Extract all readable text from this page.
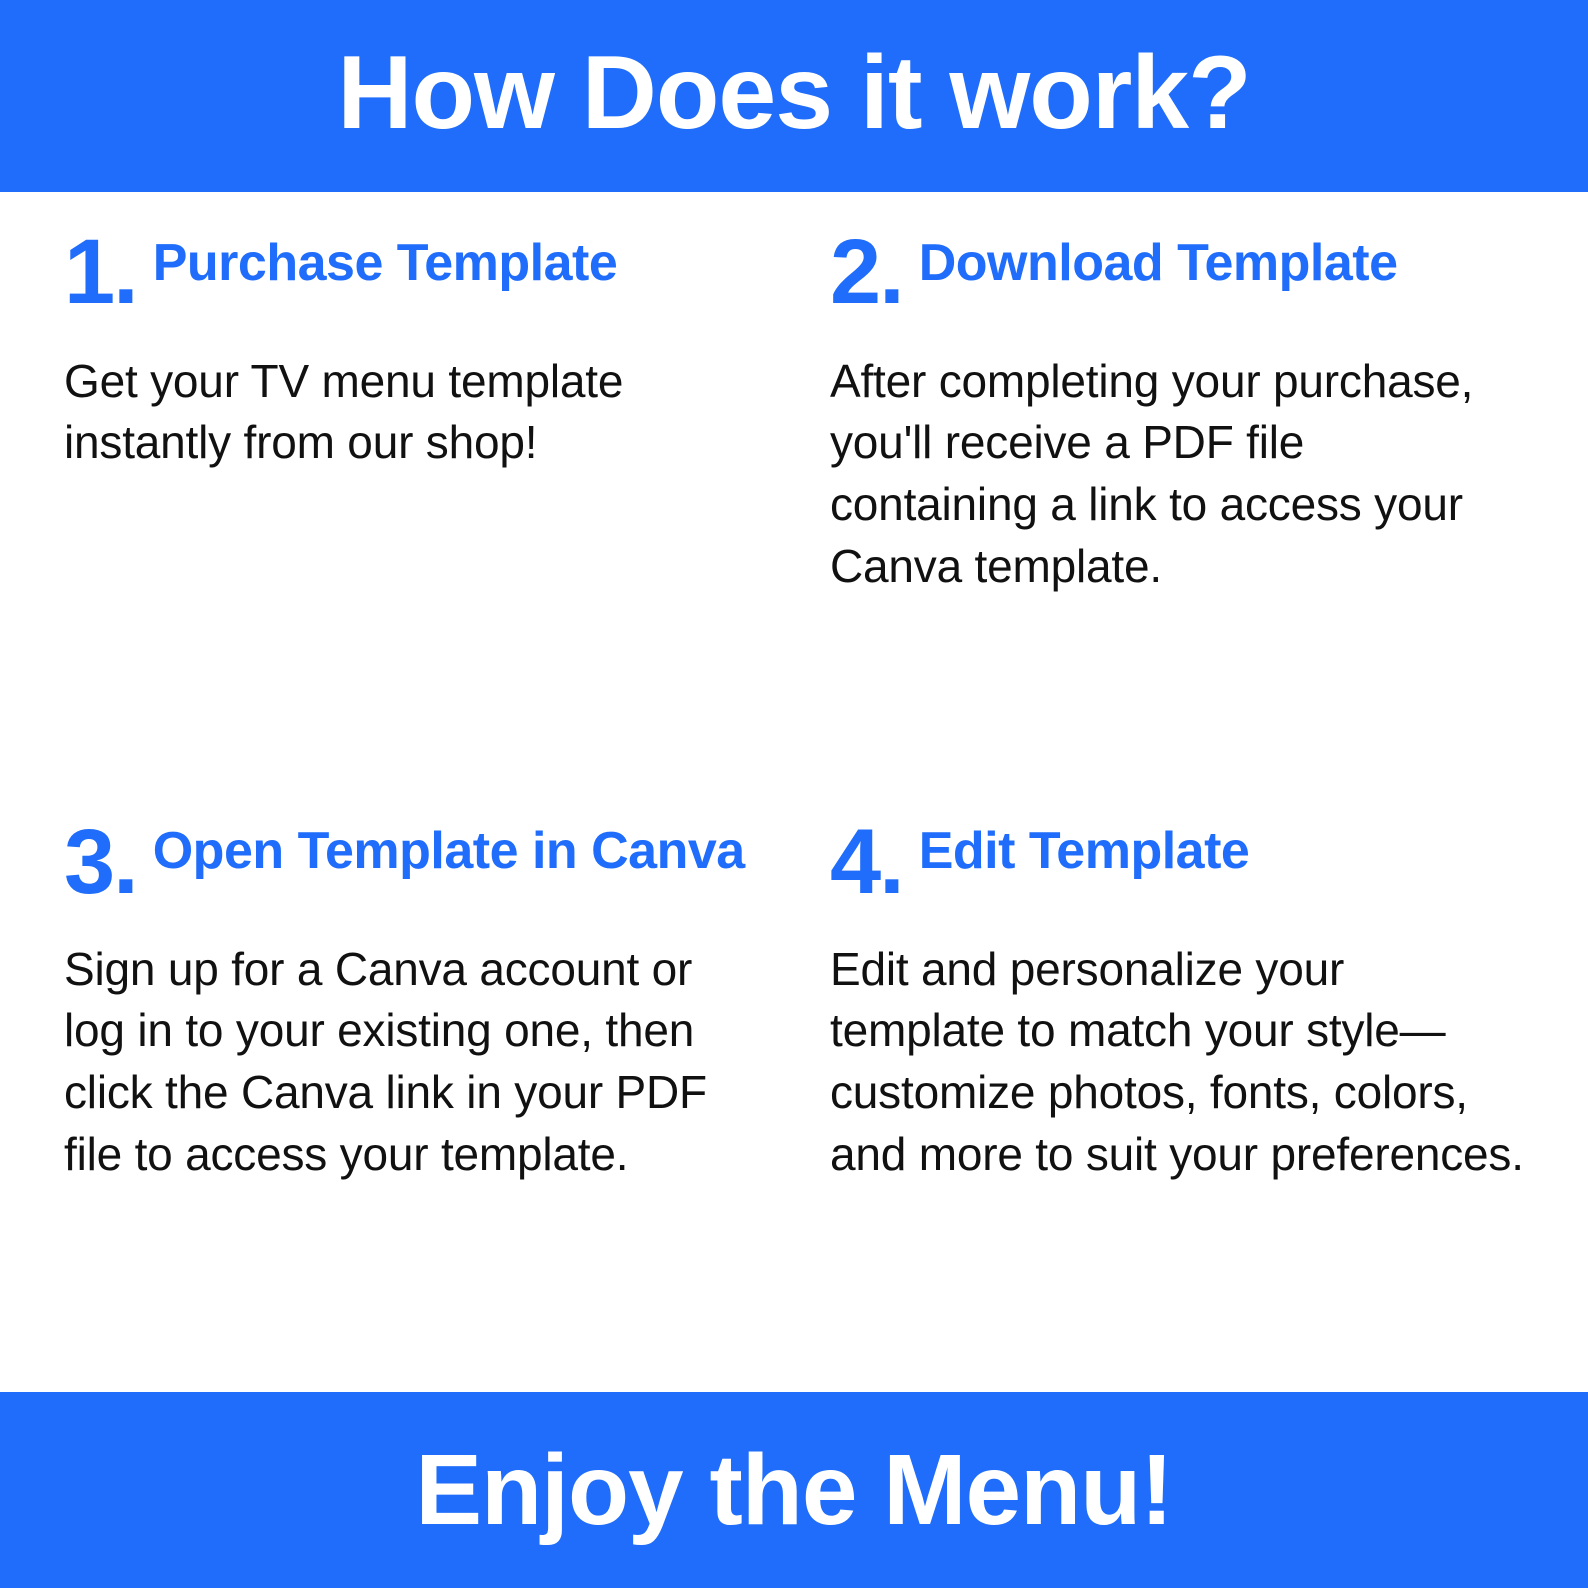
How Does it work?
1. Purchase Template
Get your TV menu template instantly from our shop!
2. Download Template
After completing your purchase, you'll receive a PDF file containing a link to access your Canva template.
3. Open Template in Canva
Sign up for a Canva account or log in to your existing one, then click the Canva link in your PDF file to access your template.
4. Edit Template
Edit and personalize your template to match your style—customize photos, fonts, colors, and more to suit your preferences.
Enjoy the Menu!
